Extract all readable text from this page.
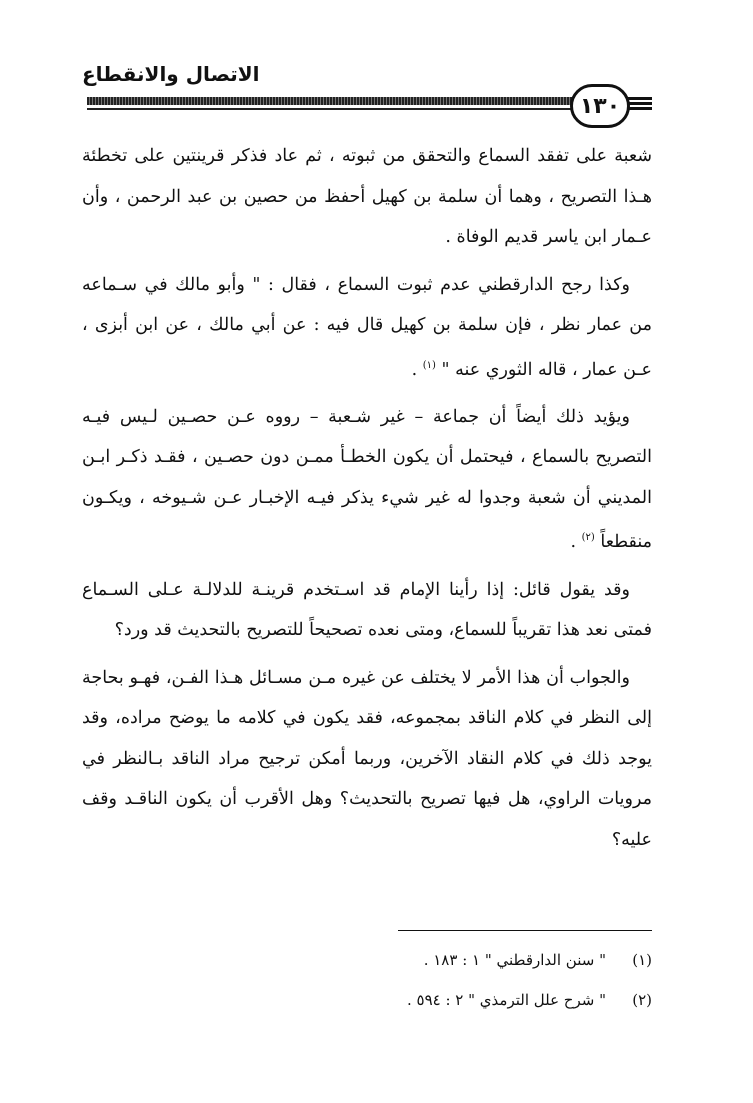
الاتصال والانقطاع
١٣٠

شعبة على تفقد السماع والتحقق من ثبوته ، ثم عاد فذكر قرينتين على تخطئة هـذا التصريح ، وهما أن سلمة بن كهيل أحفظ من حصين بن عبد الرحمن ، وأن عـمار ابن ياسر قديم الوفاة .

وكذا رجح الدارقطني عدم ثبوت السماع ، فقال : " وأبو مالك في سـماعه من عمار نظر ، فإن سلمة بن كهيل قال فيه : عن أبي مالك ، عن ابن أبزى ، عـن عمار ، قاله الثوري عنه " $^{(١)}$ .

ويؤيد ذلك أيضاً أن جماعة – غير شـعبة – رووه عـن حصـين لـيس فيـه التصريح بالسماع ، فيحتمل أن يكون الخطـأ ممـن دون حصـين ، فقـد ذكـر ابـن المديني أن شعبة وجدوا له غير شيء يذكر فيـه الإخبـار عـن شـيوخه ، ويكـون منقطعاً $^{(٢)}$ .

وقد يقول قائل: إذا رأينا الإمام قد اسـتخدم قرينـة للدلالـة عـلى السـماع فمتى نعد هذا تقريباً للسماع، ومتى نعده تصحيحاً للتصريح بالتحديث قد ورد؟

والجواب أن هذا الأمر لا يختلف عن غيره مـن مسـائل هـذا الفـن، فهـو بحاجة إلى النظر في كلام الناقد بمجموعه، فقد يكون في كلامه ما يوضح مراده، وقد يوجد ذلك في كلام النقاد الآخرين، وربما أمكن ترجيح مراد الناقد بـالنظر في مرويات الراوي، هل فيها تصريح بالتحديث؟ وهل الأقرب أن يكون الناقـد وقف عليه؟

(١)
" سنن الدارقطني " ١ : ١٨٣ .
(٢)
" شرح علل الترمذي " ٢ : ٥٩٤ .
